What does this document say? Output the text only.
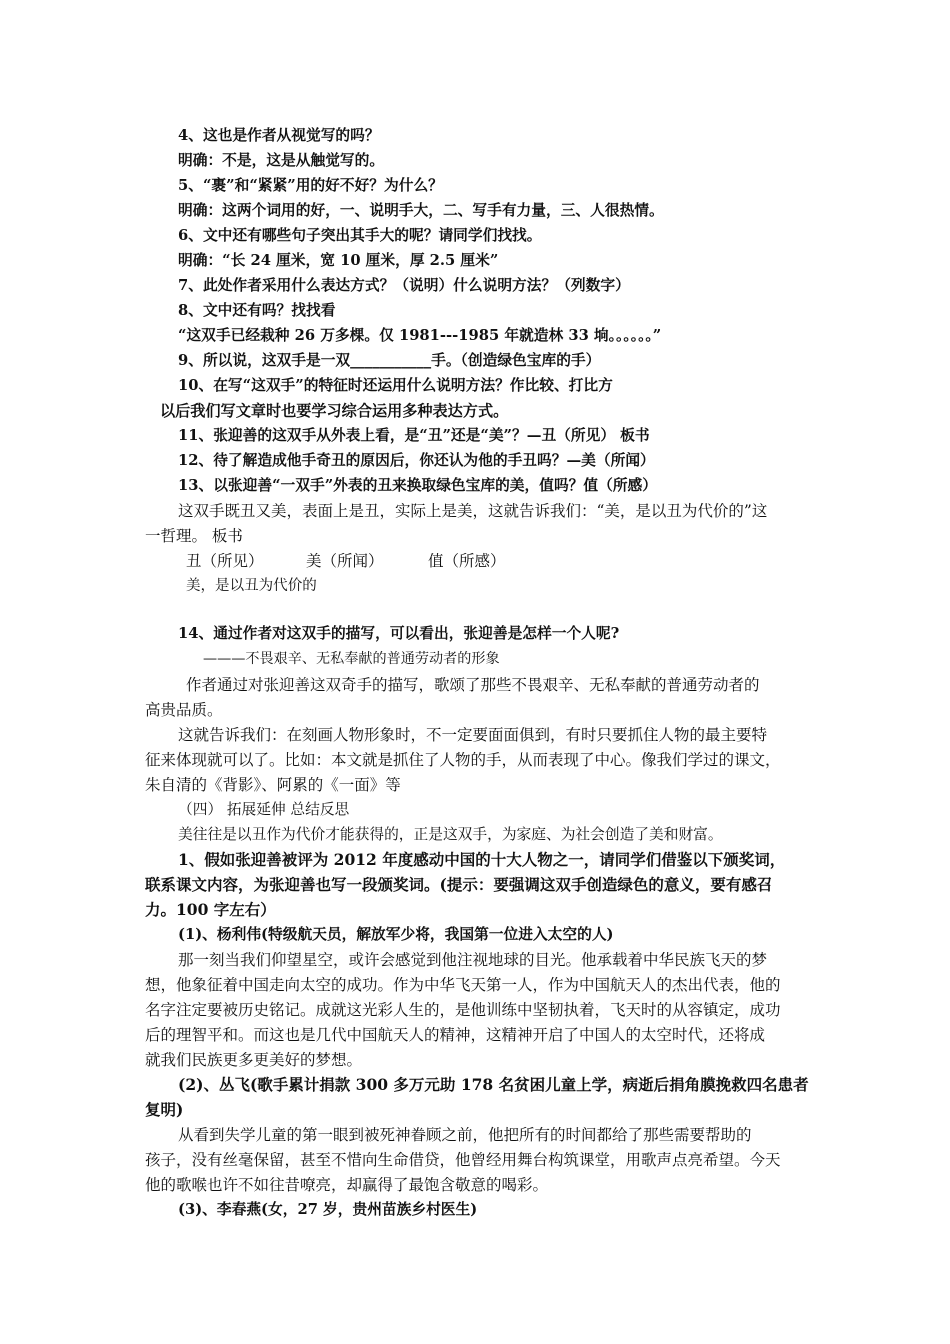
4、这也是作者从视觉写的吗？
明确：不是，这是从触觉写的。
5、“裹”和“紧紧”用的好不好？为什么？
明确：这两个词用的好，一、说明手大，二、写手有力量，三、人很热情。
6、文中还有哪些句子突出其手大的呢？请同学们找找。
明确：“长 24 厘米，宽 10 厘米，厚 2.5 厘米”
7、此处作者采用什么表达方式？（说明）什么说明方法？（列数字）
8、文中还有吗？找找看
“这双手已经栽种 26 万多棵。仅 1981---1985 年就造林 33 垧。。。。。。”
9、所以说，这双手是一双___________手。（创造绿色宝库的手）
10、在写“这双手”的特征时还运用什么说明方法？作比较、打比方
以后我们写文章时也要学习综合运用多种表达方式。
11、张迎善的这双手从外表上看，是“丑”还是“美”？—丑（所见） 板书
12、待了解造成他手奇丑的原因后，你还认为他的手丑吗？—美（所闻）
13、以张迎善“一双手”外表的丑来换取绿色宝库的美，值吗？值（所感）
这双手既丑又美，表面上是丑，实际上是美，这就告诉我们：“美，是以丑为代价的”这
一哲理。 板书
丑（所见）	美（所闻）	值（所感）
美，是以丑为代价的
14、通过作者对这双手的描写，可以看出，张迎善是怎样一个人呢?
———不畏艰辛、无私奉献的普通劳动者的形象
作者通过对张迎善这双奇手的描写，歌颂了那些不畏艰辛、无私奉献的普通劳动者的
高贵品质。
这就告诉我们：在刻画人物形象时，不一定要面面俱到，有时只要抓住人物的最主要特
征来体现就可以了。比如：本文就是抓住了人物的手，从而表现了中心。像我们学过的课文，
朱自清的《背影》、阿累的《一面》等
（四） 拓展延伸 总结反思
美往往是以丑作为代价才能获得的，正是这双手，为家庭、为社会创造了美和财富。
1、假如张迎善被评为 2012 年度感动中国的十大人物之一，请同学们借鉴以下颁奖词，
联系课文内容，为张迎善也写一段颁奖词。(提示：要强调这双手创造绿色的意义，要有感召
力。100 字左右）
(1)、杨利伟(特级航天员，解放军少将，我国第一位进入太空的人)
那一刻当我们仰望星空，或许会感觉到他注视地球的目光。他承载着中华民族飞天的梦
想，他象征着中国走向太空的成功。作为中华飞天第一人，作为中国航天人的杰出代表，他的
名字注定要被历史铭记。成就这光彩人生的，是他训练中坚韧执着，飞天时的从容镇定，成功
后的理智平和。而这也是几代中国航天人的精神，这精神开启了中国人的太空时代，还将成
就我们民族更多更美好的梦想。
(2)、丛飞(歌手累计捐款 300 多万元助 178 名贫困儿童上学，病逝后捐角膜挽救四名患者
复明)
从看到失学儿童的第一眼到被死神眷顾之前，他把所有的时间都给了那些需要帮助的
孩子，没有丝毫保留，甚至不惜向生命借贷，他曾经用舞台构筑课堂，用歌声点亮希望。今天
他的歌喉也许不如往昔嘹亮，却赢得了最饱含敬意的喝彩。
(3)、李春燕(女，27 岁，贵州苗族乡村医生)
